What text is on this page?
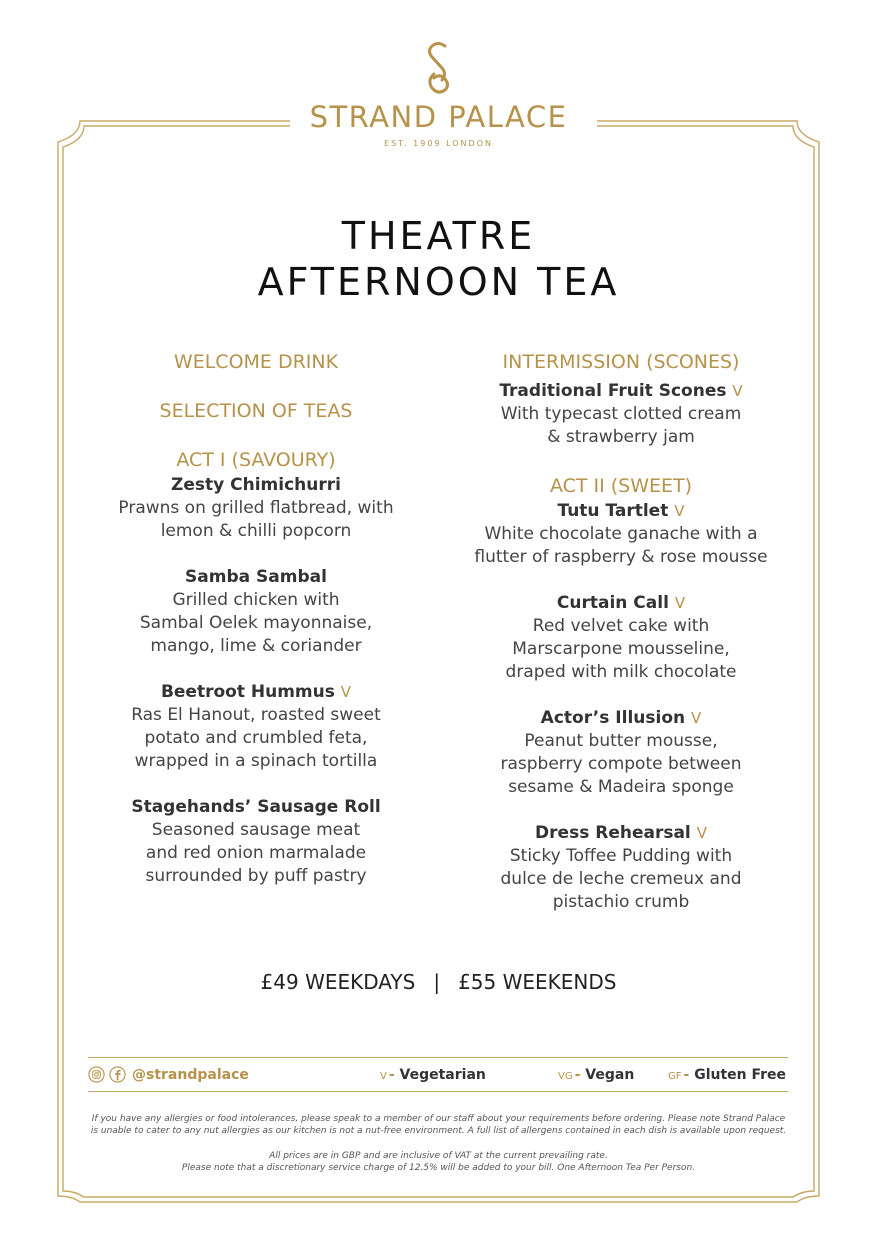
STRAND PALACE
EST. 1909 LONDON
THEATRE
AFTERNOON TEA
WELCOME DRINK
SELECTION OF TEAS
ACT I (SAVOURY)
Zesty Chimichurri
Prawns on grilled flatbread, with
lemon & chilli popcorn
Samba Sambal
Grilled chicken with
Sambal Oelek mayonnaise,
mango, lime & coriander
Beetroot Hummus V
Ras El Hanout, roasted sweet
potato and crumbled feta,
wrapped in a spinach tortilla
Stagehands’ Sausage Roll
Seasoned sausage meat
and red onion marmalade
surrounded by puff pastry
INTERMISSION (SCONES)
Traditional Fruit Scones V
With typecast clotted cream
& strawberry jam
ACT II (SWEET)
Tutu Tartlet V
White chocolate ganache with a
flutter of raspberry & rose mousse
Curtain Call V
Red velvet cake with
Marscarpone mousseline,
draped with milk chocolate
Actor’s Illusion V
Peanut butter mousse,
raspberry compote between
sesame & Madeira sponge
Dress Rehearsal V
Sticky Toffee Pudding with
dulce de leche cremeux and
pistachio crumb
£49 WEEKDAYS | £55 WEEKENDS
@strandpalace	V - Vegetarian	VG - Vegan	GF - Gluten Free
If you have any allergies or food intolerances, please speak to a member of our staff about your requirements before ordering. Please note Strand Palace
is unable to cater to any nut allergies as our kitchen is not a nut-free environment. A full list of allergens contained in each dish is available upon request.
All prices are in GBP and are inclusive of VAT at the current prevailing rate.
Please note that a discretionary service charge of 12.5% will be added to your bill. One Afternoon Tea Per Person.
